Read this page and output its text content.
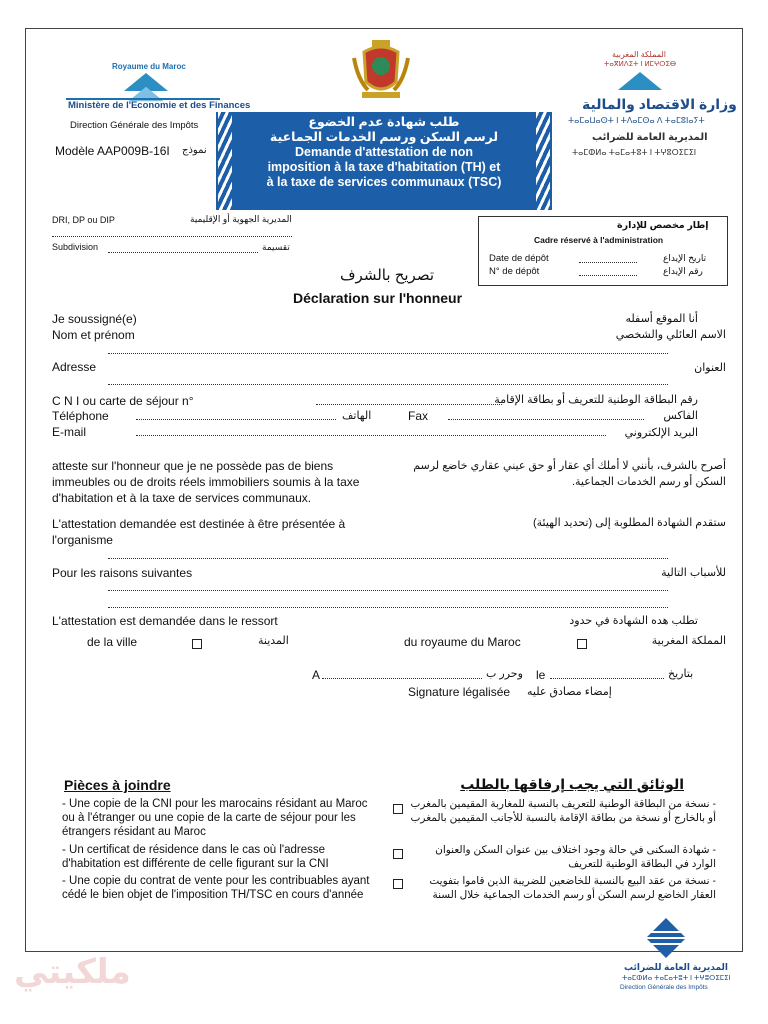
Royaume du Maroc
Ministère de l'Economie et des Finances
Direction Générale des Impôts
المملكة المغربية
ⵜⴰⴳⵍⴷⵉⵜ ⵏ ⵍⵎⵖⵔⵉⴱ
وزارة الاقتصاد والمالية
ⵜⴰⵎⴰⵡⴰⵙⵜ ⵏ ⵜⴷⴰⵎⵙⴰ ⴷ ⵜⴰⵎⵓⵏⴰⵢⵜ
المديرية العامة للضرائب
ⵜⴰⵎⵀⵍⴰ ⵜⴰⵎⴰⵜⵓⵜ ⵏ ⵜⵖⵓⵔⵉⵎⵉⵏ
Modèle AAP009B-16I نموذج
طلب شهادة عدم الخضوع
لرسم السكن ورسم الخدمات الجماعية
Demande d'attestation de non
imposition à la taxe d'habitation (TH) et
à la taxe de services communaux (TSC)
DRI, DP ou DIP	المديرية الجهوية أو الإقليمية
Subdivision	تقسيمة
إطار مخصص للإدارة
Cadre réservé à l'administration
Date de dépôt	تاريخ الإيداع
N° de dépôt	رقم الإيداع
تصريح بالشرف
Déclaration sur l'honneur
Je soussigné(e)	أنا الموقع أسفله
Nom et prénom	الاسم العائلي والشخصي
Adresse	العنوان
C N I ou carte de séjour n°	رقم البطاقة الوطنية للتعريف أو بطاقة الإقامة
Téléphone	الهاتف	Fax	الفاكس
E-mail	البريد الإلكتروني
atteste sur l'honneur que je ne possède pas de biens immeubles ou de droits réels immobiliers soumis à la taxe d'habitation et à la taxe de services communaux.
أصرح بالشرف، بأنني لا أملك أي عقار أو حق عيني عقاري خاضع لرسم السكن أو رسم الخدمات الجماعية.
L'attestation demandée est destinée à être présentée à l'organisme
ستقدم الشهادة المطلوبة إلى (تحديد الهيئة)
Pour les raisons suivantes	للأسباب التالية
L'attestation est demandée dans le ressort	تطلب هده الشهادة في حدود
de la ville	المدينة	du royaume du Maroc	المملكة المغربية
A	وحرر ب le	بتاريخ
Signature légalisée إمضاء مصادق عليه
Pièces à joindre	الوثائق التي يجب إرفاقها بالطلب
- Une copie de la CNI pour les marocains résidant au Maroc ou à l'étranger ou une copie de la carte de séjour pour les étrangers résidant au Maroc
- Un certificat de résidence dans le cas où l'adresse d'habitation est différente de celle figurant sur la CNI
- Une copie du contrat de vente pour les contribuables ayant cédé le bien objet de l'imposition TH/TSC en cours d'année
- نسخة من البطاقة الوطنية للتعريف بالنسبة للمغاربة المقيمين بالمغرب أو بالخارج أو نسخة من بطاقة الإقامة بالنسبة للأجانب المقيمين بالمغرب
- شهادة السكنى في حالة وجود اختلاف بين عنوان السكن والعنوان الوارد في البطاقة الوطنية للتعريف
- نسخة من عقد البيع بالنسبة للخاضعين للضريبة الذين قاموا بتفويت العقار الخاضع لرسم السكن أو رسم الخدمات الجماعية خلال السنة
المديرية العامة للضرائب
ⵜⴰⵎⵀⵍⴰ ⵜⴰⵎⴰⵜⵓⵜ ⵏ ⵜⵖⵓⵔⵉⵎⵉⵏ
Direction Générale des Impôts
ملكيتي
